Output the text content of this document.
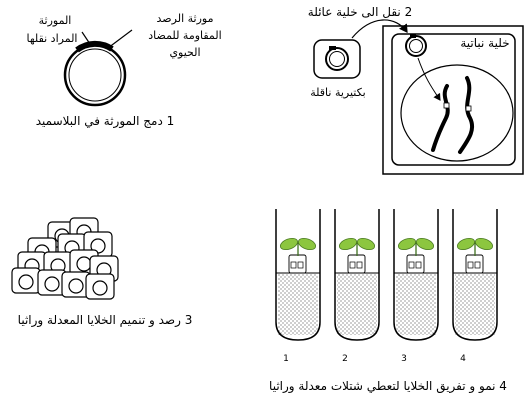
المورثة
المراد نقلها
مورثة الرصد
المقاومة للمضاد
الحيوي
1 دمج المورثة في البلاسميد
بكتيرية ناقلة
2 نقل الى خلية عائلة
خلية نباتية
3 رصد و تنميم الخلايا المعدلة وراثيا
1	2	3	4
4 نمو و تفريق الخلايا لتعطي شتلات معدلة وراثيا
